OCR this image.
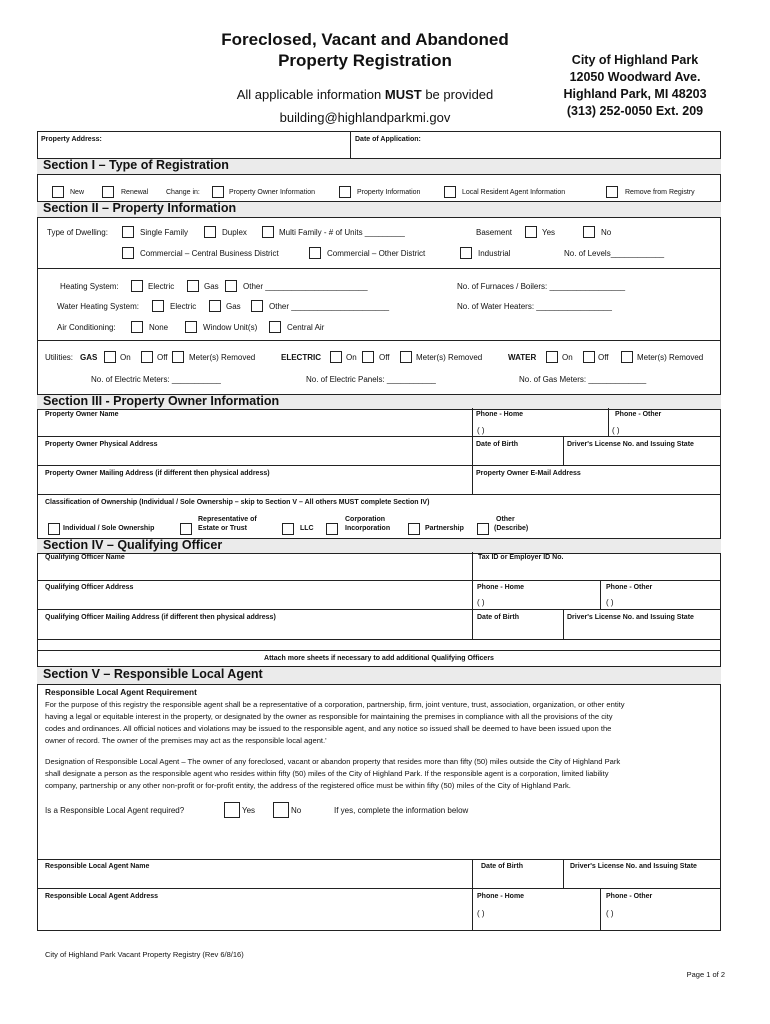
Foreclosed, Vacant and Abandoned
Property Registration
All applicable information MUST be provided
building@highlandparkmi.gov
City of Highland Park
12050 Woodward Ave.
Highland Park, MI 48203
(313) 252-0050 Ext. 209
Property Address:	Date of Application:
Section I – Type of Registration
New	Renewal	Change in:	Property Owner Information	Property Information	Local Resident Agent Information	Remove from Registry
Section II – Property Information
Type of Dwelling:	Single Family	Duplex	Multi Family - # of Units _________	Basement	Yes	No
Commercial – Central Business District	Commercial – Other District	Industrial	No. of Levels____________
Heating System:	Electric	Gas	Other _______________________	No. of Furnaces / Boilers: _________________
Water Heating System:	Electric	Gas	Other ______________________	No. of Water Heaters: _________________
Air Conditioning:	None	Window Unit(s)	Central Air
Utilities: GAS	On	Off	Meter(s) Removed	ELECTRIC	On	Off	Meter(s) Removed	WATER	On	Off	Meter(s) Removed
No. of Electric Meters: ___________	No. of Electric Panels: ___________	No. of Gas Meters: _____________
Section III - Property Owner Information
Property Owner Name	Phone - Home	Phone - Other
( )	( )
Property Owner Physical Address	Date of Birth	Driver's License No. and Issuing State
Property Owner Mailing Address (if different then physical address)	Property Owner E-Mail Address
Classification of Ownership (Individual / Sole Ownership – skip to Section V – All others MUST complete Section IV)
Individual / Sole Ownership
Representative of
Estate or Trust	LLC
Corporation
Incorporation	Partnership
Other
(Describe)
Section IV – Qualifying Officer
Qualifying Officer Name	Tax ID or Employer ID No.
Qualifying Officer Address	Phone - Home	Phone - Other
( )	( )
Qualifying Officer Mailing Address (if different then physical address)	Date of Birth	Driver's License No. and Issuing State
Attach more sheets if necessary to add additional Qualifying Officers
Section V – Responsible Local Agent
Responsible Local Agent Requirement
For the purpose of this registry the responsible agent shall be a representative of a corporation, partnership, firm, joint venture, trust, association, organization, or other entity
having a legal or equitable interest in the property, or designated by the owner as responsible for maintaining the premises in compliance with all the provisions of the city
codes and ordinances. All official notices and violations may be issued to the responsible agent, and any notice so issued shall be deemed to have been issued upon the
owner of record. The owner of the premises may act as the responsible local agent.'
Designation of Responsible Local Agent – The owner of any foreclosed, vacant or abandon property that resides more than fifty (50) miles outside the City of Highland Park
shall designate a person as the responsible agent who resides within fifty (50) miles of the City of Highland Park. If the responsible agent is a corporation, limited liability
company, partnership or any other non-profit or for-profit entity, the address of the registered office must be within fifty (50) miles of the City of Highland Park.
Is a Responsible Local Agent required?	Yes	No	If yes, complete the information below
Responsible Local Agent Name	Date of Birth	Driver's License No. and Issuing State
Responsible Local Agent Address	Phone - Home	Phone - Other
( )	( )
City of Highland Park Vacant Property Registry (Rev 6/8/16)
Page 1 of 2
